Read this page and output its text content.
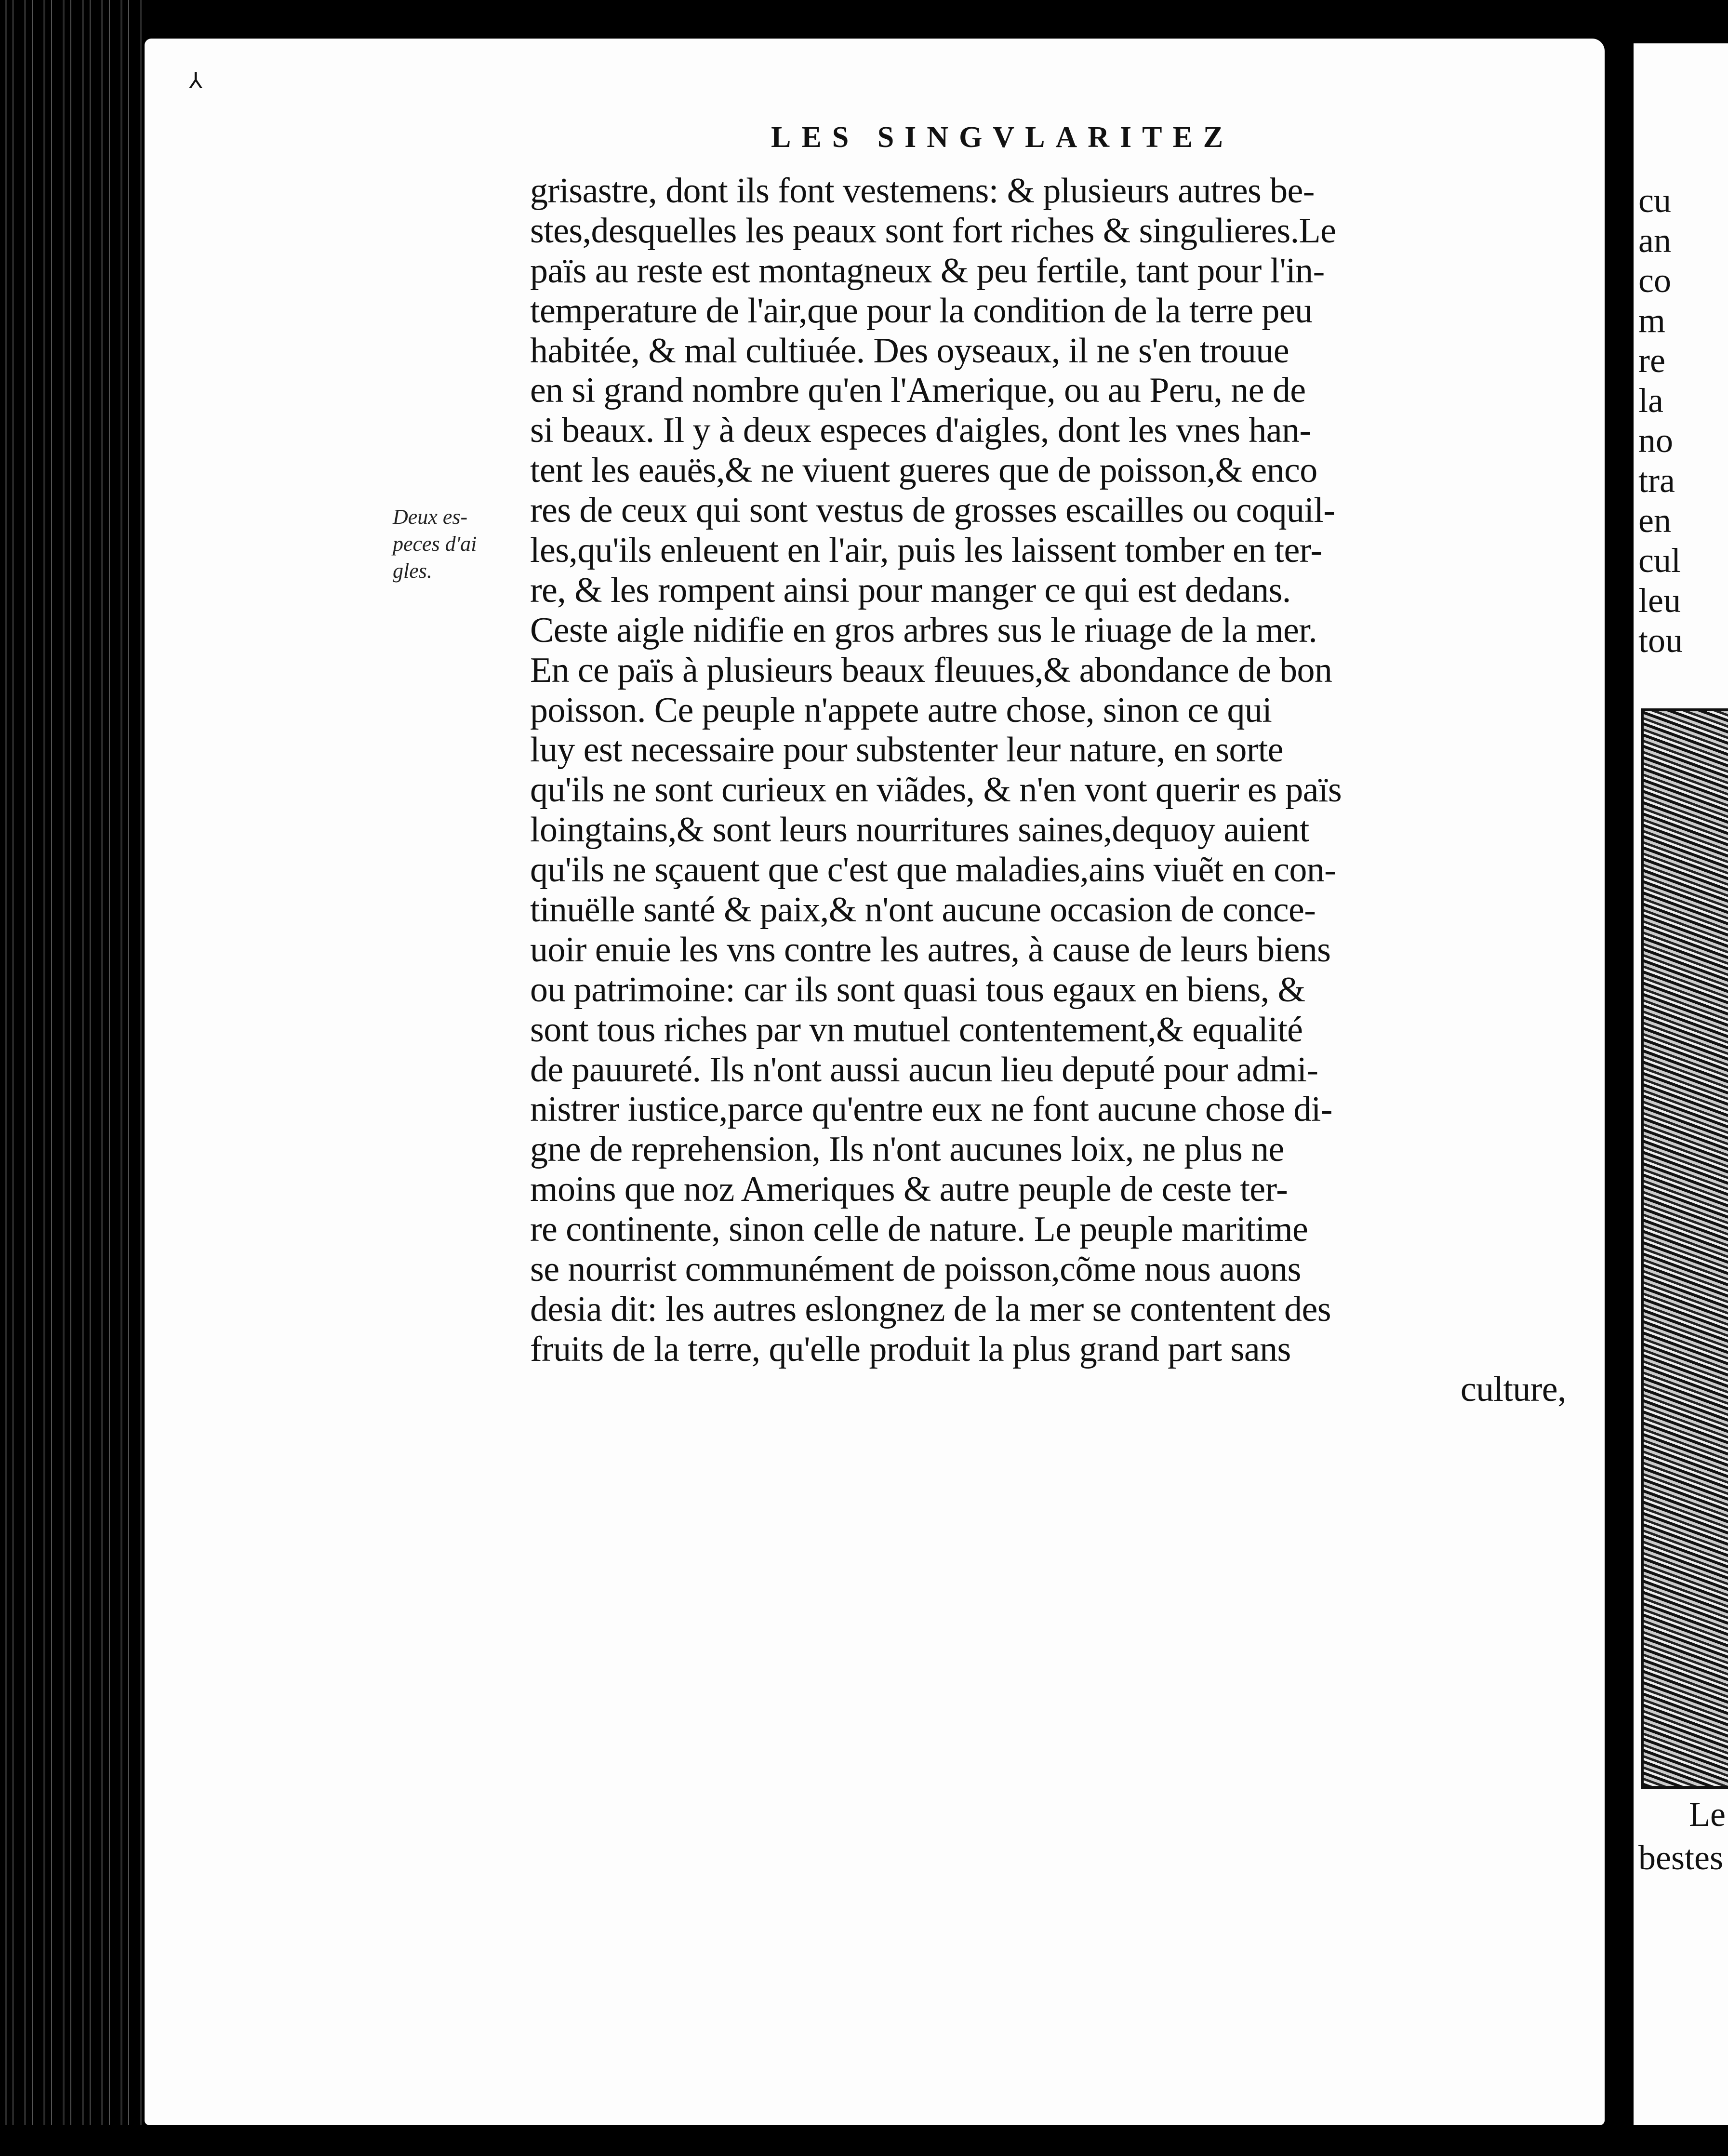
⅄
LES SINGVLARITEZ
Deux es-
peces d'ai
gles.
grisastre, dont ils font vestemens: & plusieurs autres be-
stes,desquelles les peaux sont fort riches & singulieres.Le
païs au reste est montagneux & peu fertile, tant pour l'in-
temperature de l'air,que pour la condition de la terre peu
habitée, & mal cultiuée. Des oyseaux, il ne s'en trouue
en si grand nombre qu'en l'Amerique, ou au Peru, ne de
si beaux. Il y à deux especes d'aigles, dont les vnes han-
tent les eauës,& ne viuent gueres que de poisson,& enco
res de ceux qui sont vestus de grosses escailles ou coquil-
les,qu'ils enleuent en l'air, puis les laissent tomber en ter-
re, & les rompent ainsi pour manger ce qui est dedans.
Ceste aigle nidifie en gros arbres sus le riuage de la mer.
En ce païs à plusieurs beaux fleuues,& abondance de bon
poisson. Ce peuple n'appete autre chose, sinon ce qui
luy est necessaire pour substenter leur nature, en sorte
qu'ils ne sont curieux en viãdes, & n'en vont querir es païs
loingtains,& sont leurs nourritures saines,dequoy auient
qu'ils ne sçauent que c'est que maladies,ains viuẽt en con-
tinuëlle santé & paix,& n'ont aucune occasion de conce-
uoir enuie les vns contre les autres, à cause de leurs biens
ou patrimoine: car ils sont quasi tous egaux en biens, &
sont tous riches par vn mutuel contentement,& equalité
de pauureté. Ils n'ont aussi aucun lieu deputé pour admi-
nistrer iustice,parce qu'entre eux ne font aucune chose di-
gne de reprehension, Ils n'ont aucunes loix, ne plus ne
moins que noz Ameriques & autre peuple de ceste ter-
re continente, sinon celle de nature. Le peuple maritime
se nourrist communément de poisson,cõme nous auons
desia dit: les autres eslongnez de la mer se contentent des
fruits de la terre, qu'elle produit la plus grand part sans
culture,
cu
an
co
m
re
la
no
tra
en
cul
leu
tou
Le
bestes
